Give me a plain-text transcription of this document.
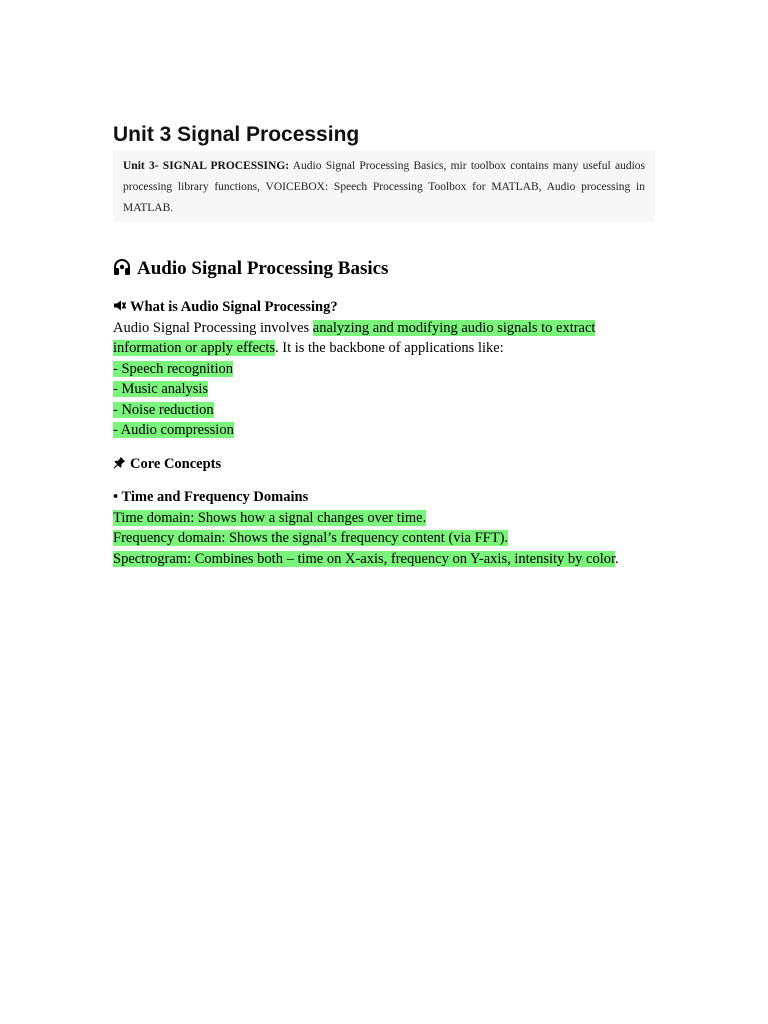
Unit 3 Signal Processing
Unit 3- SIGNAL PROCESSING: Audio Signal Processing Basics, mir toolbox contains many useful audios processing library functions, VOICEBOX: Speech Processing Toolbox for MATLAB, Audio processing in MATLAB.
Audio Signal Processing Basics

What is Audio Signal Processing?

Audio Signal Processing involves analyzing and modifying audio signals to extract
information or apply effects. It is the backbone of applications like:

- Speech recognition
- Music analysis
- Noise reduction
- Audio compression

Core Concepts

• Time and Frequency Domains

Time domain: Shows how a signal changes over time.
Frequency domain: Shows the signal’s frequency content (via FFT).
Spectrogram: Combines both – time on X-axis, frequency on Y-axis, intensity by color.
